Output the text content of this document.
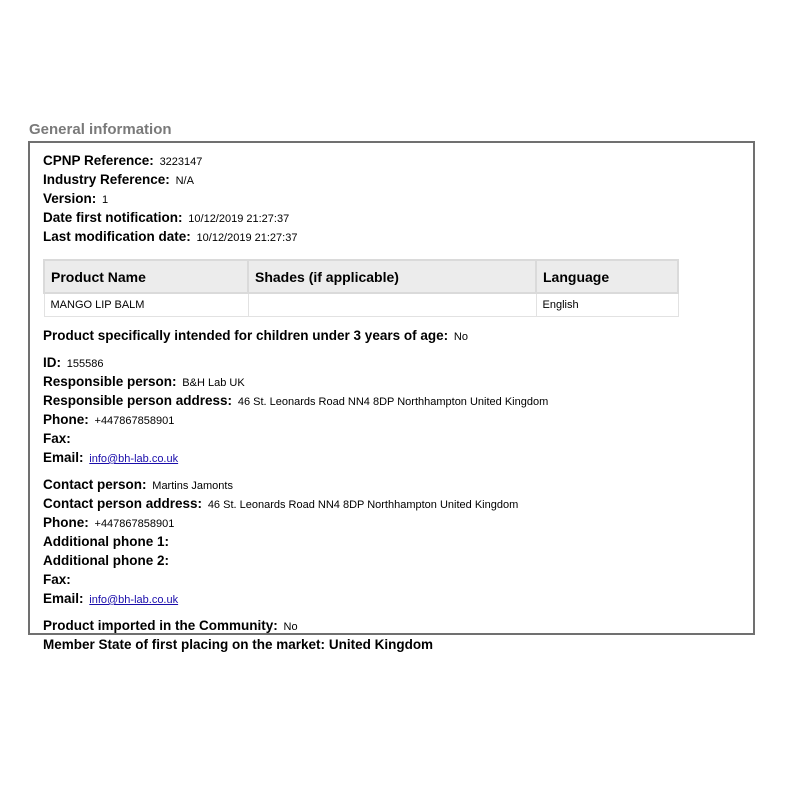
General information
CPNP Reference: 3223147
Industry Reference: N/A
Version: 1
Date first notification: 10/12/2019 21:27:37
Last modification date: 10/12/2019 21:27:37
Product Name	Shades (if applicable)	Language
MANGO LIP BALM		English
Product specifically intended for children under 3 years of age: No
ID: 155586
Responsible person: B&H Lab UK
Responsible person address: 46 St. Leonards Road NN4 8DP Northhampton United Kingdom
Phone: +447867858901
Fax:
Email: info@bh-lab.co.uk
Contact person: Martins Jamonts
Contact person address: 46 St. Leonards Road NN4 8DP Northhampton United Kingdom
Phone: +447867858901
Additional phone 1:
Additional phone 2:
Fax:
Email: info@bh-lab.co.uk
Product imported in the Community: No
Member State of first placing on the market: United Kingdom
